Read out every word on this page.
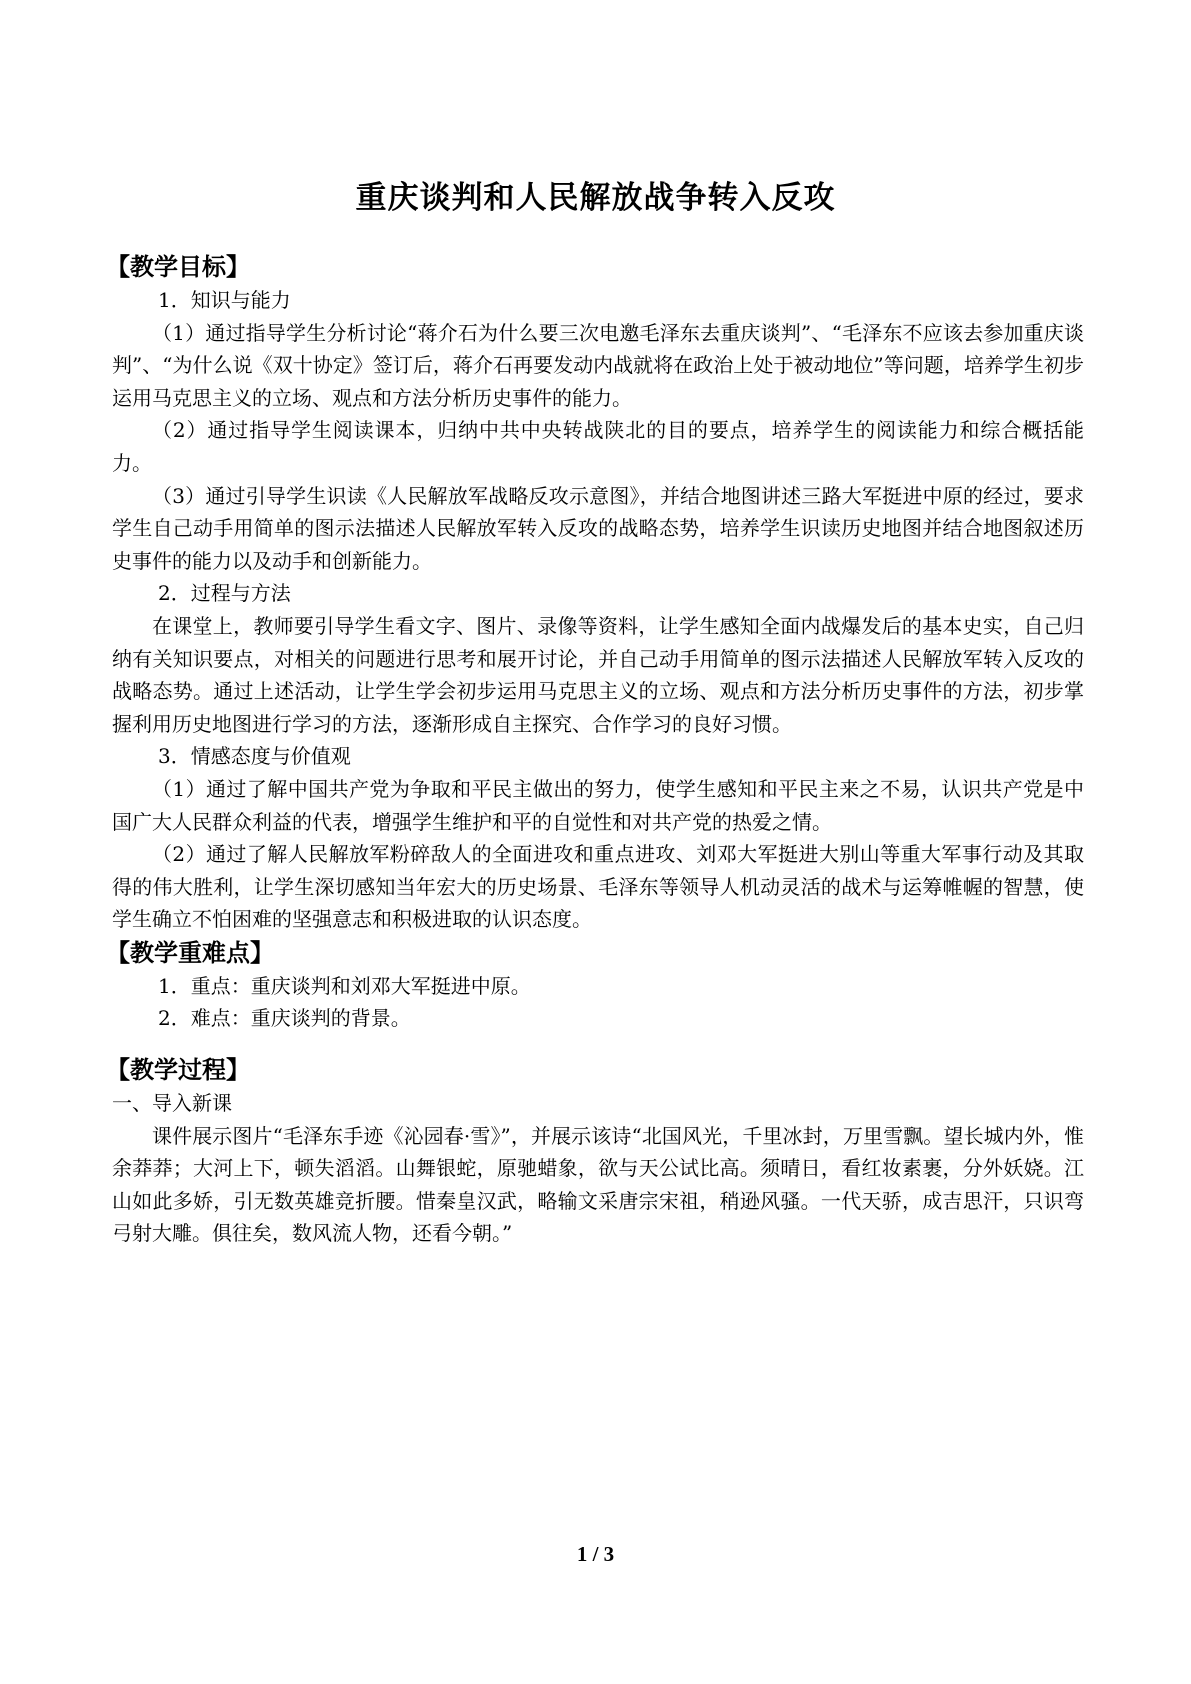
重庆谈判和人民解放战争转入反攻

【教学目标】

1．知识与能力

（1）通过指导学生分析讨论“蒋介石为什么要三次电邀毛泽东去重庆谈判”、“毛泽东不应该去参加重庆谈判”、“为什么说《双十协定》签订后，蒋介石再要发动内战就将在政治上处于被动地位”等问题，培养学生初步运用马克思主义的立场、观点和方法分析历史事件的能力。

（2）通过指导学生阅读课本，归纳中共中央转战陕北的目的要点，培养学生的阅读能力和综合概括能力。

（3）通过引导学生识读《人民解放军战略反攻示意图》，并结合地图讲述三路大军挺进中原的经过，要求学生自己动手用简单的图示法描述人民解放军转入反攻的战略态势，培养学生识读历史地图并结合地图叙述历史事件的能力以及动手和创新能力。

2．过程与方法

在课堂上，教师要引导学生看文字、图片、录像等资料，让学生感知全面内战爆发后的基本史实，自己归纳有关知识要点，对相关的问题进行思考和展开讨论，并自己动手用简单的图示法描述人民解放军转入反攻的战略态势。通过上述活动，让学生学会初步运用马克思主义的立场、观点和方法分析历史事件的方法，初步掌握利用历史地图进行学习的方法，逐渐形成自主探究、合作学习的良好习惯。

3．情感态度与价值观

（1）通过了解中国共产党为争取和平民主做出的努力，使学生感知和平民主来之不易，认识共产党是中国广大人民群众利益的代表，增强学生维护和平的自觉性和对共产党的热爱之情。

（2）通过了解人民解放军粉碎敌人的全面进攻和重点进攻、刘邓大军挺进大别山等重大军事行动及其取得的伟大胜利，让学生深切感知当年宏大的历史场景、毛泽东等领导人机动灵活的战术与运筹帷幄的智慧，使学生确立不怕困难的坚强意志和积极进取的认识态度。

【教学重难点】

1．重点：重庆谈判和刘邓大军挺进中原。

2．难点：重庆谈判的背景。

【教学过程】

一、导入新课

课件展示图片“毛泽东手迹《沁园春·雪》”，并展示该诗“北国风光，千里冰封，万里雪飘。望长城内外，惟余莽莽；大河上下，顿失滔滔。山舞银蛇，原驰蜡象，欲与天公试比高。须晴日，看红妆素裹，分外妖娆。江山如此多娇，引无数英雄竞折腰。惜秦皇汉武，略输文采唐宗宋祖，稍逊风骚。一代天骄，成吉思汗，只识弯弓射大雕。俱往矣，数风流人物，还看今朝。”

1 / 3
